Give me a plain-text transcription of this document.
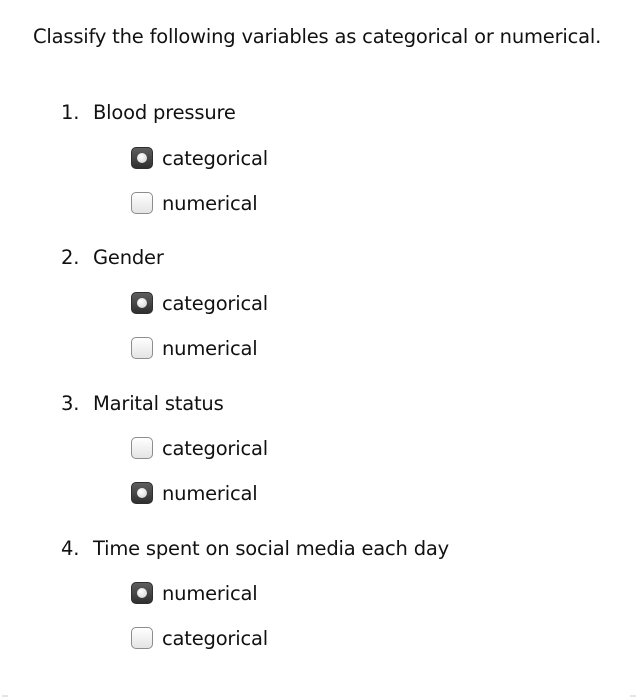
Classify the following variables as categorical or numerical.
1. Blood pressure
categorical
numerical
2. Gender
categorical
numerical
3. Marital status
categorical
numerical
4. Time spent on social media each day
numerical
categorical
